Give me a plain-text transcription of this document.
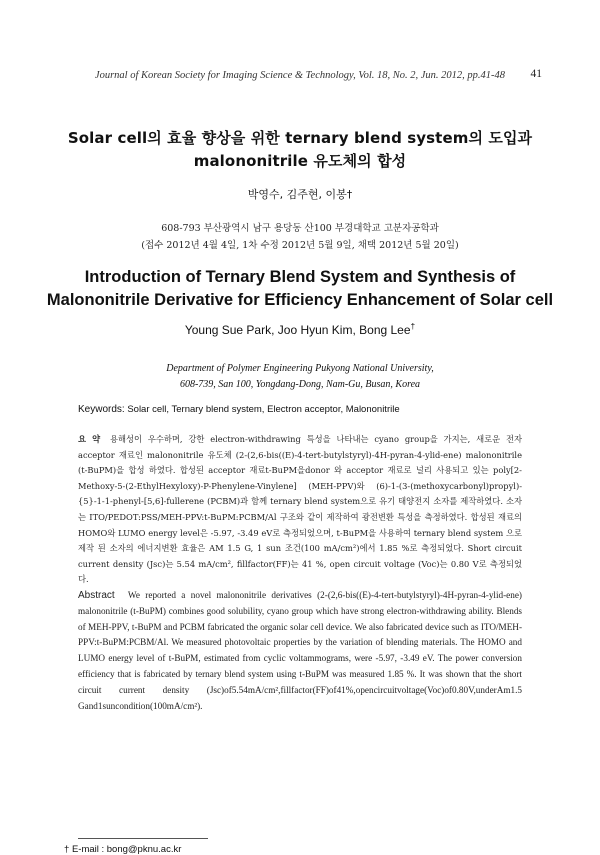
Journal of Korean Society for Imaging Science & Technology, Vol. 18, No. 2, Jun. 2012, pp.41-48	41
Solar cell의 효율 향상을 위한 ternary blend system의 도입과
malononitrile 유도체의 합성
박영수, 김주현, 이봉†
608-793 부산광역시 남구 용당동 산100 부경대학교 고분자공학과
(접수 2012년 4월 4일, 1차 수정 2012년 5월 9일, 채택 2012년 5월 20일)
Introduction of Ternary Blend System and Synthesis of
Malononitrile Derivative for Efficiency Enhancement of Solar cell
Young Sue Park, Joo Hyun Kim, Bong Lee†
Department of Polymer Engineering Pukyong National University,
608-739, San 100, Yongdang-Dong, Nam-Gu, Busan, Korea
Keywords: Solar cell, Ternary blend system, Electron acceptor, Malononitrile
요 약 용해성이 우수하며, 강한 electron-withdrawing 특성을 나타내는 cyano group을 가지는, 새로운 전자 acceptor 재료인 malononitrile 유도체 (2-(2,6-bis((E)-4-tert-butylstyryl)-4H-pyran-4-ylid-ene) malononitrile (t-BuPM)을 합성 하였다. 합성된 acceptor 재료t-BuPM을donor 와 acceptor 재료로 널리 사용되고 있는 poly[2-Methoxy-5-(2-EthylHexyloxy)-P-Phenylene-Vinylene] (MEH-PPV)와 (6)-1-(3-(methoxycarbonyl)propyl)-{5}-1-1-phenyl-[5,6]-fullerene (PCBM)과 함께 ternary blend system으로 유기 태양전지 소자를 제작하였다. 소자는 ITO/PEDOT:PSS/MEH-PPV:t-BuPM:PCBM/Al 구조와 같이 제작하여 광전변환 특성을 측정하였다. 합성된 재료의 HOMO와 LUMO energy level은 -5.97, -3.49 eV로 측정되었으며, t-BuPM을 사용하여 ternary blend system 으로 제작 된 소자의 에너지변환 효율은 AM 1.5 G, 1 sun 조건(100 mA/cm²)에서 1.85 %로 측정되었다. Short circuit current density (Jsc)는 5.54 mA/cm², fillfactor(FF)는 41 %, open circuit voltage (Voc)는 0.80 V로 측정되었다.
Abstract We reported a novel malononitrile derivatives (2-(2,6-bis((E)-4-tert-butylstyryl)-4H-pyran-4-ylid-ene) malononitrile (t-BuPM) combines good solubility, cyano group which have strong electron-withdrawing ability. Blends of MEH-PPV, t-BuPM and PCBM fabricated the organic solar cell device. We also fabricated device such as ITO/MEH-PPV:t-BuPM:PCBM/Al. We measured photovoltaic properties by the variation of blending materials. The HOMO and LUMO energy level of t-BuPM, estimated from cyclic voltammograms, were -5.97, -3.49 eV. The power conversion efficiency that is fabricated by ternary blend system using t-BuPM was measured 1.85 %. It was shown that the short circuit current density (Jsc)of5.54mA/cm²,fillfactor(FF)of41%,opencircuitvoltage(Voc)of0.80V,underAm1.5 Gand1suncondition(100mA/cm²).
† E-mail : bong@pknu.ac.kr
